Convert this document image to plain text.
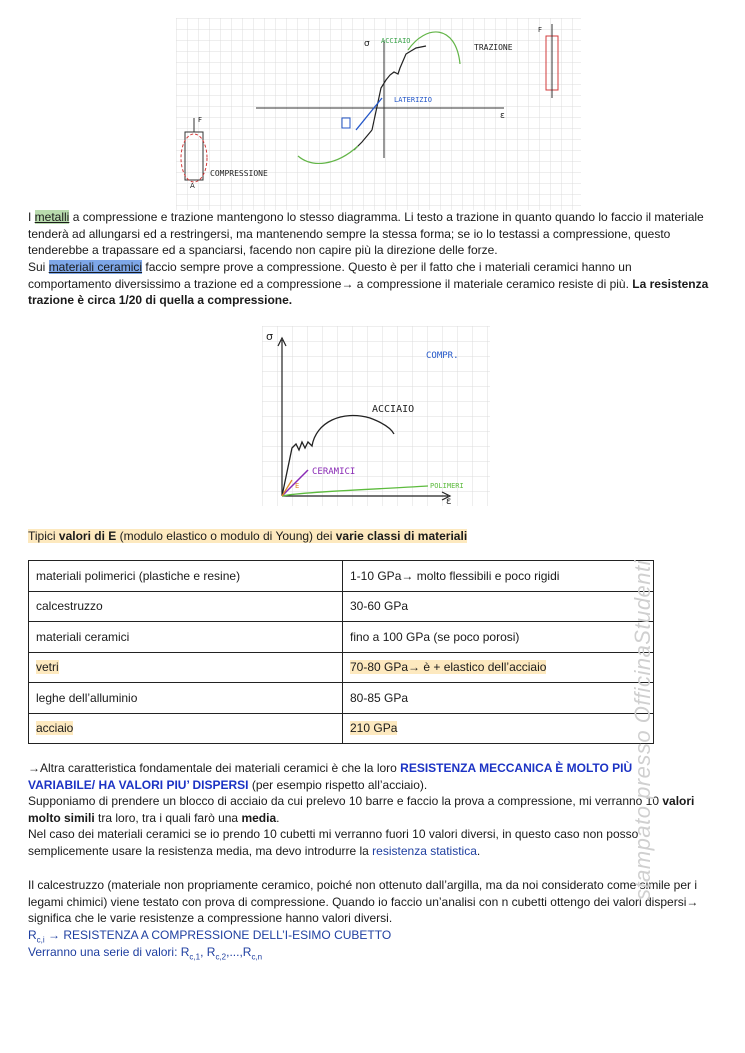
σ ACCIAIO
TRAZIONE
LATERIZIO
ε
COMPRESSIONE
F
F
A

I metalli a compressione e trazione mantengono lo stesso diagramma. Li testo a trazione in quanto quando lo faccio il materiale tenderà ad allungarsi ed a restringersi, ma mantenendo sempre la stessa forma; se io lo testassi a compressione, questo tenderebbe a trapassare ed a spanciarsi, facendo non capire più la direzione delle forze.

Sui materiali ceramici faccio sempre prove a compressione. Questo è per il fatto che i materiali ceramici hanno un comportamento diversissimo a trazione ed a compressione→ a compressione il materiale ceramico resiste di più. La resistenza trazione è circa 1/20 di quella a compressione.

σ
COMPR.
ACCIAIO
CERAMICI
POLIMERI
E
ε

Tipici valori di E (modulo elastico o modulo di Young) dei varie classi di materiali

materiali polimerici (plastiche e resine)	1-10 GPa→ molto flessibili e poco rigidi
calcestruzzo	30-60 GPa
materiali ceramici	fino a 100 GPa (se poco porosi)
vetri	70-80 GPa→ è + elastico dell’acciaio
leghe dell’alluminio	80-85 GPa
acciaio	210 GPa

→Altra caratteristica fondamentale dei materiali ceramici è che la loro RESISTENZA MECCANICA È MOLTO PIÙ VARIABILE/ HA VALORI PIU’ DISPERSI (per esempio rispetto all’acciaio).

Supponiamo di prendere un blocco di acciaio da cui prelevo 10 barre e faccio la prova a compressione, mi verranno 10 valori molto simili tra loro, tra i quali farò una media.

Nel caso dei materiali ceramici se io prendo 10 cubetti mi verranno fuori 10 valori diversi, in questo caso non posso semplicemente usare la resistenza media, ma devo introdurre la resistenza statistica.

Il calcestruzzo (materiale non propriamente ceramico, poiché non ottenuto dall’argilla, ma da noi considerato come simile per i legami chimici) viene testato con prova di compressione. Quando io faccio un’analisi con n cubetti ottengo dei valori dispersi→ significa che le varie resistenze a compressione hanno valori diversi.

$R_{c,i}$ → RESISTENZA A COMPRESSIONE DELL’I-ESIMO CUBETTO

Verranno una serie di valori: $R_{c,1}$, $R_{c,2},...,R_{c,n}$

stampato presso OfficinaStudenti
